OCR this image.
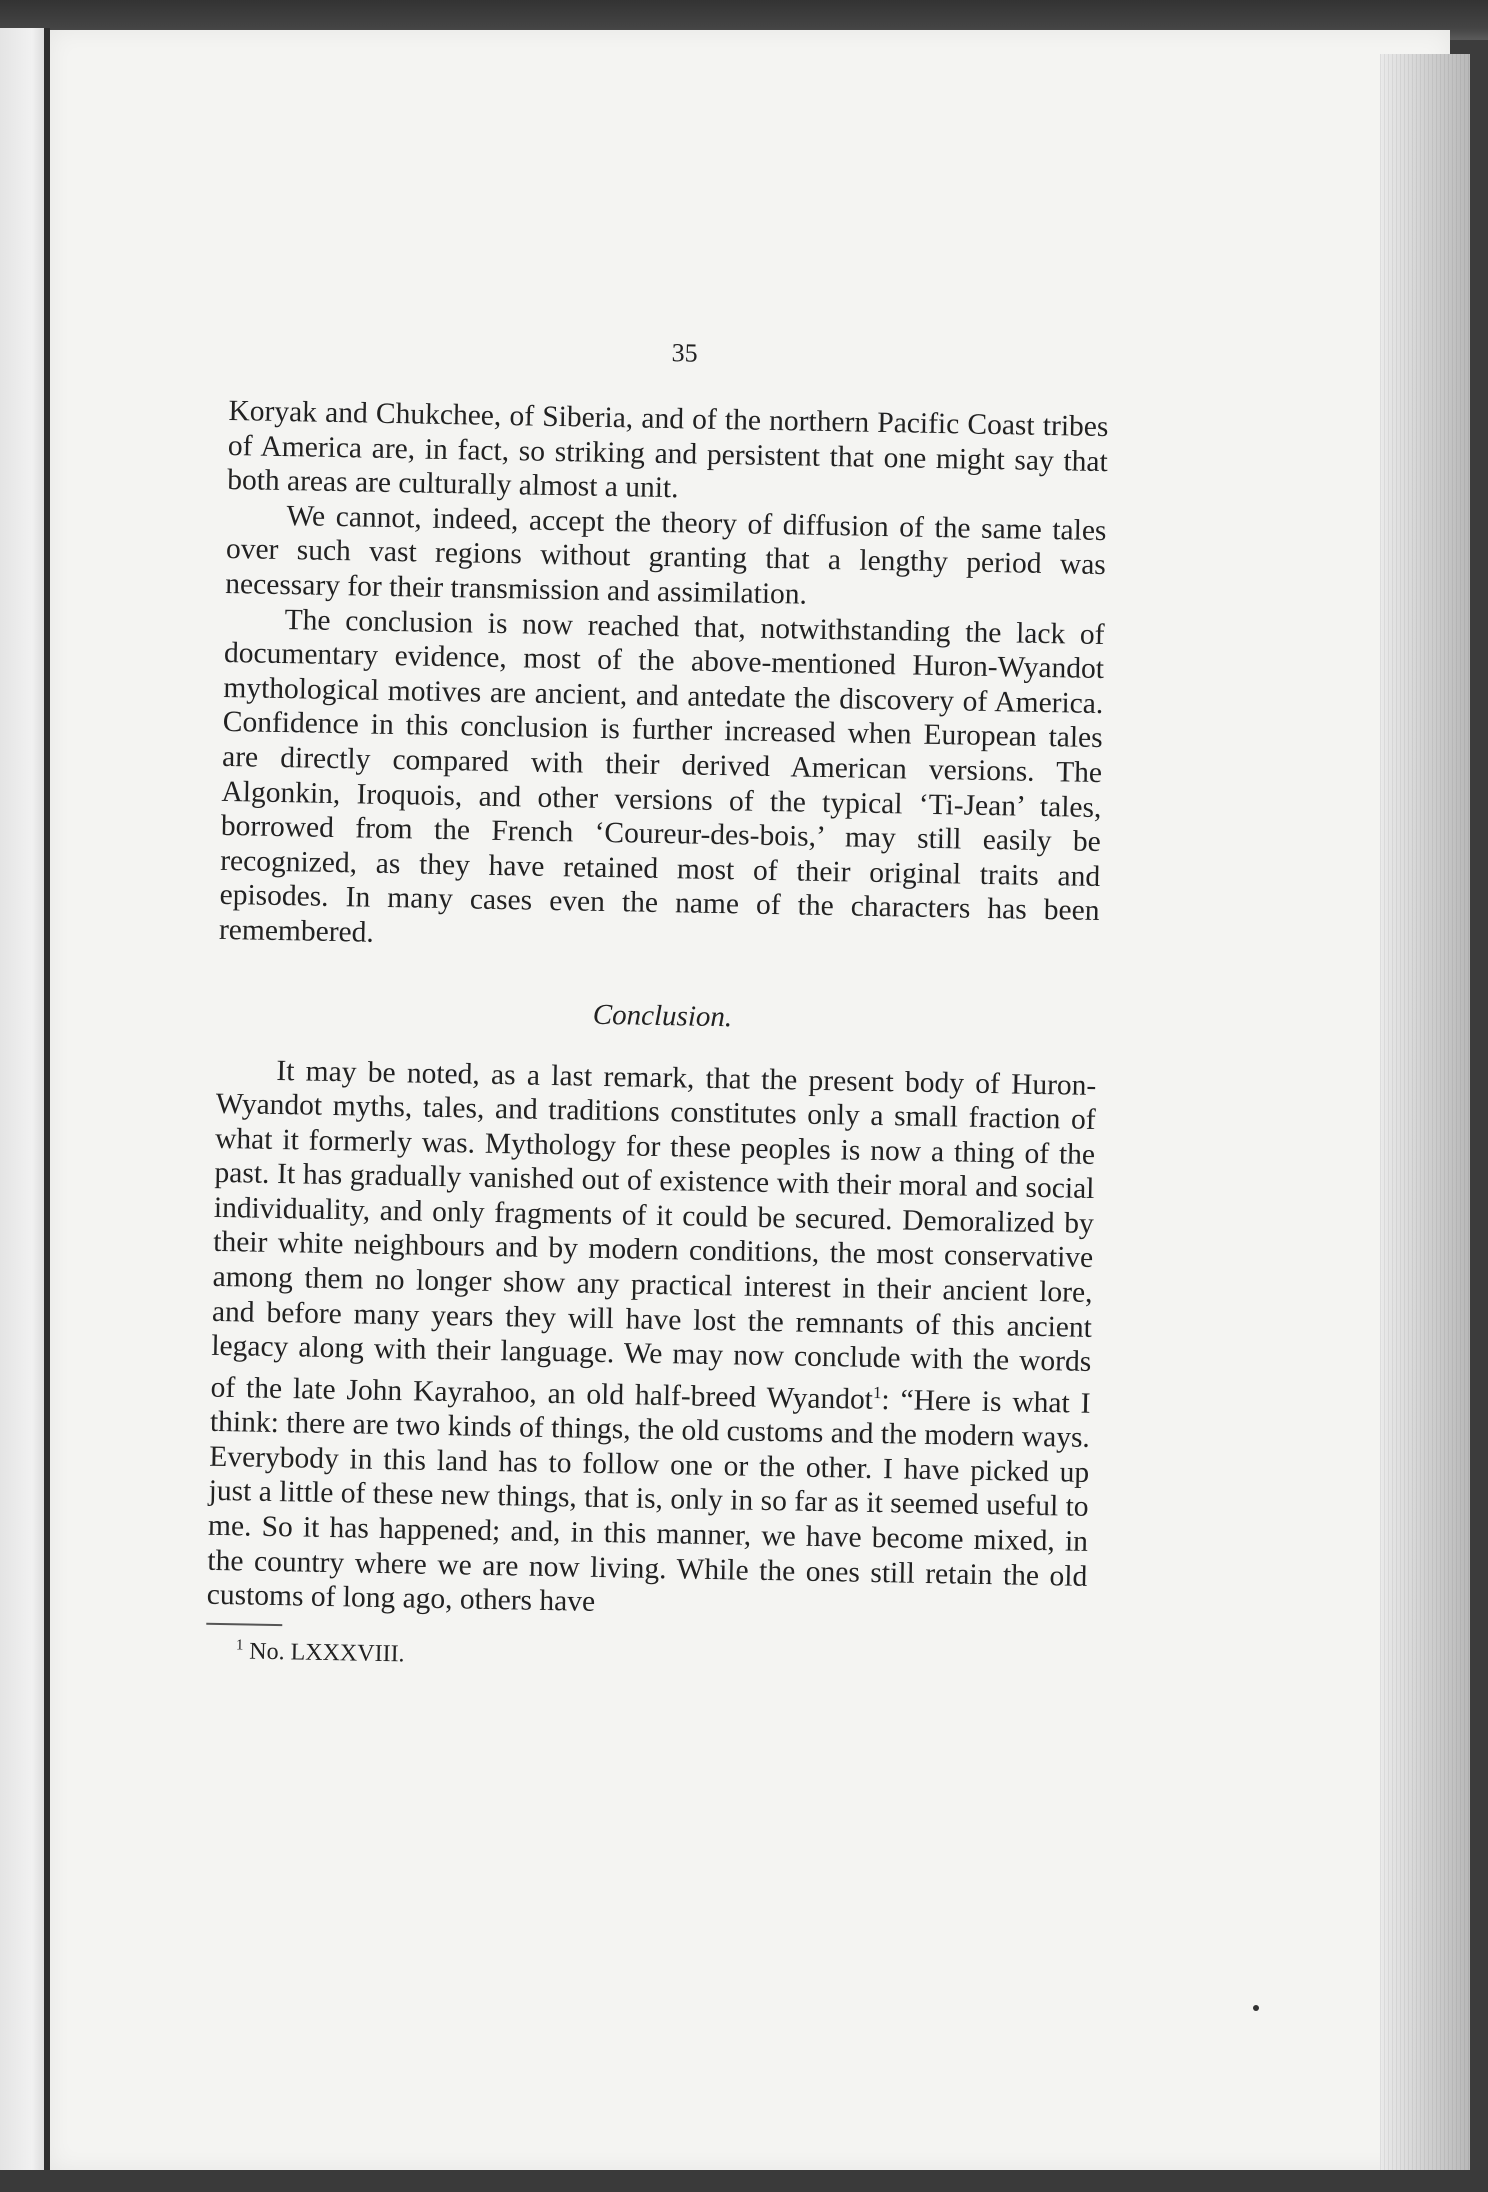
35

Koryak and Chukchee, of Siberia, and of the northern Pacific Coast tribes of America are, in fact, so striking and persistent that one might say that both areas are culturally almost a unit.

We cannot, indeed, accept the theory of diffusion of the same tales over such vast regions without granting that a lengthy period was necessary for their transmission and assimilation.

The conclusion is now reached that, notwithstanding the lack of documentary evidence, most of the above-mentioned Huron-Wyandot mythological motives are ancient, and antedate the discovery of America. Confidence in this conclusion is further increased when European tales are directly compared with their derived American versions. The Algonkin, Iroquois, and other versions of the typical ‘Ti-Jean’ tales, borrowed from the French ‘Coureur-des-bois,’ may still easily be recognized, as they have retained most of their original traits and episodes. In many cases even the name of the characters has been remembered.

Conclusion.

It may be noted, as a last remark, that the present body of Huron-Wyandot myths, tales, and traditions constitutes only a small fraction of what it formerly was. Mythology for these peoples is now a thing of the past. It has gradually vanished out of existence with their moral and social individuality, and only fragments of it could be secured. Demoralized by their white neighbours and by modern conditions, the most conservative among them no longer show any practical interest in their ancient lore, and before many years they will have lost the remnants of this ancient legacy along with their language. We may now conclude with the words of the late John Kayrahoo, an old half-breed Wyandot$^1$: “Here is what I think: there are two kinds of things, the old customs and the modern ways. Everybody in this land has to follow one or the other. I have picked up just a little of these new things, that is, only in so far as it seemed useful to me. So it has happened; and, in this manner, we have become mixed, in the country where we are now living. While the ones still retain the old customs of long ago, others have

$^1$ No. LXXXVIII.
